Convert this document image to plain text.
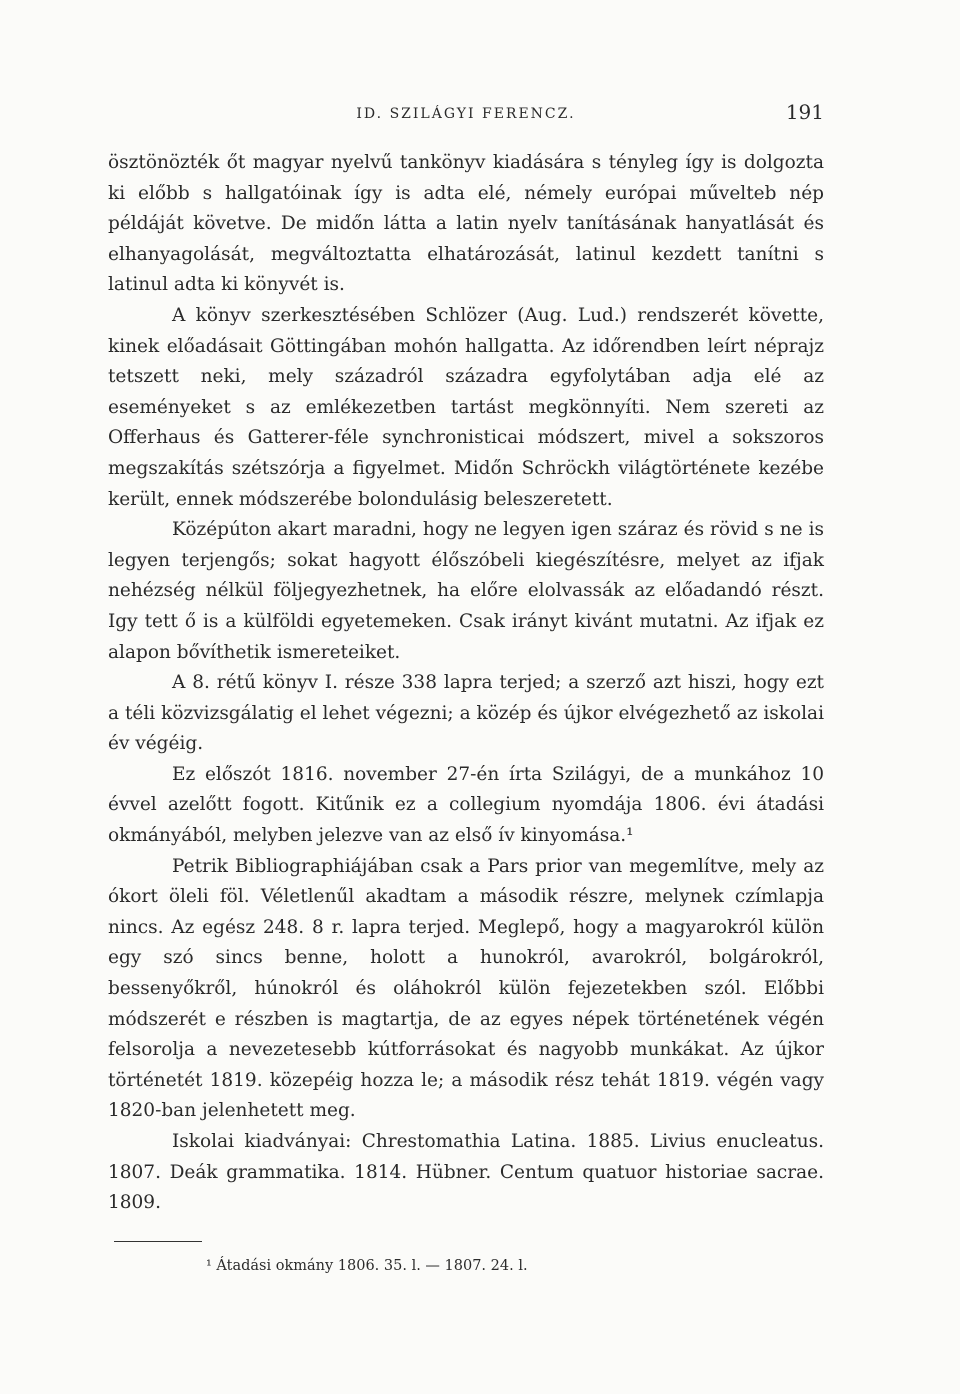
ID. SZILÁGYI FERENCZ.	191

ösztönözték őt magyar nyelvű tankönyv kiadására s tényleg így is dolgozta ki előbb s hallgatóinak így is adta elé, némely európai művelteb nép példáját követve. De midőn látta a latin nyelv tanításának hanyatlását és elhanyagolását, megváltoztatta elhatározását, latinul kezdett tanítni s latinul adta ki könyvét is.

A könyv szerkesztésében Schlözer (Aug. Lud.) rendszerét követte, kinek előadásait Göttingában mohón hallgatta. Az időrendben leírt néprajz tetszett neki, mely századról századra egyfolytában adja elé az eseményeket s az emlékezetben tartást megkönnyíti. Nem szereti az Offerhaus és Gatterer-féle synchronisticai módszert, mivel a sokszoros megszakítás szétszórja a figyelmet. Midőn Schröckh világtörténete kezébe került, ennek módszerébe bolondulásig beleszeretett.

Középúton akart maradni, hogy ne legyen igen száraz és rövid s ne is legyen terjengős; sokat hagyott élőszóbeli kiegészítésre, melyet az ifjak nehézség nélkül följegyezhetnek, ha előre elolvassák az előadandó részt. Igy tett ő is a külföldi egyetemeken. Csak irányt kivánt mutatni. Az ifjak ez alapon bővíthetik ismereteiket.

A 8. rétű könyv I. része 338 lapra terjed; a szerző azt hiszi, hogy ezt a téli közvizsgálatig el lehet végezni; a közép és újkor elvégezhető az iskolai év végéig.

Ez előszót 1816. november 27-én írta Szilágyi, de a munkához 10 évvel azelőtt fogott. Kitűnik ez a collegium nyomdája 1806. évi átadási okmányából, melyben jelezve van az első ív kinyomása.¹

Petrik Bibliographiájában csak a Pars prior van megemlítve, mely az ókort öleli föl. Véletlenűl akadtam a második részre, melynek czímlapja nincs. Az egész 248. 8 r. lapra terjed. Meglepő, hogy a magyarokról külön egy szó sincs benne, holott a hunokról, avarokról, bolgárokról, bessenyőkről, húnokról és oláhokról külön fejezetekben szól. Előbbi módszerét e részben is magtartja, de az egyes népek történetének végén felsorolja a nevezetesebb kútforrásokat és nagyobb munkákat. Az újkor történetét 1819. közepéig hozza le; a második rész tehát 1819. végén vagy 1820-ban jelenhetett meg.

Iskolai kiadványai: Chrestomathia Latina. 1885. Livius enucleatus. 1807. Deák grammatika. 1814. Hübner. Centum quatuor historiae sacrae. 1809.

¹ Átadási okmány 1806. 35. l. — 1807. 24. l.
